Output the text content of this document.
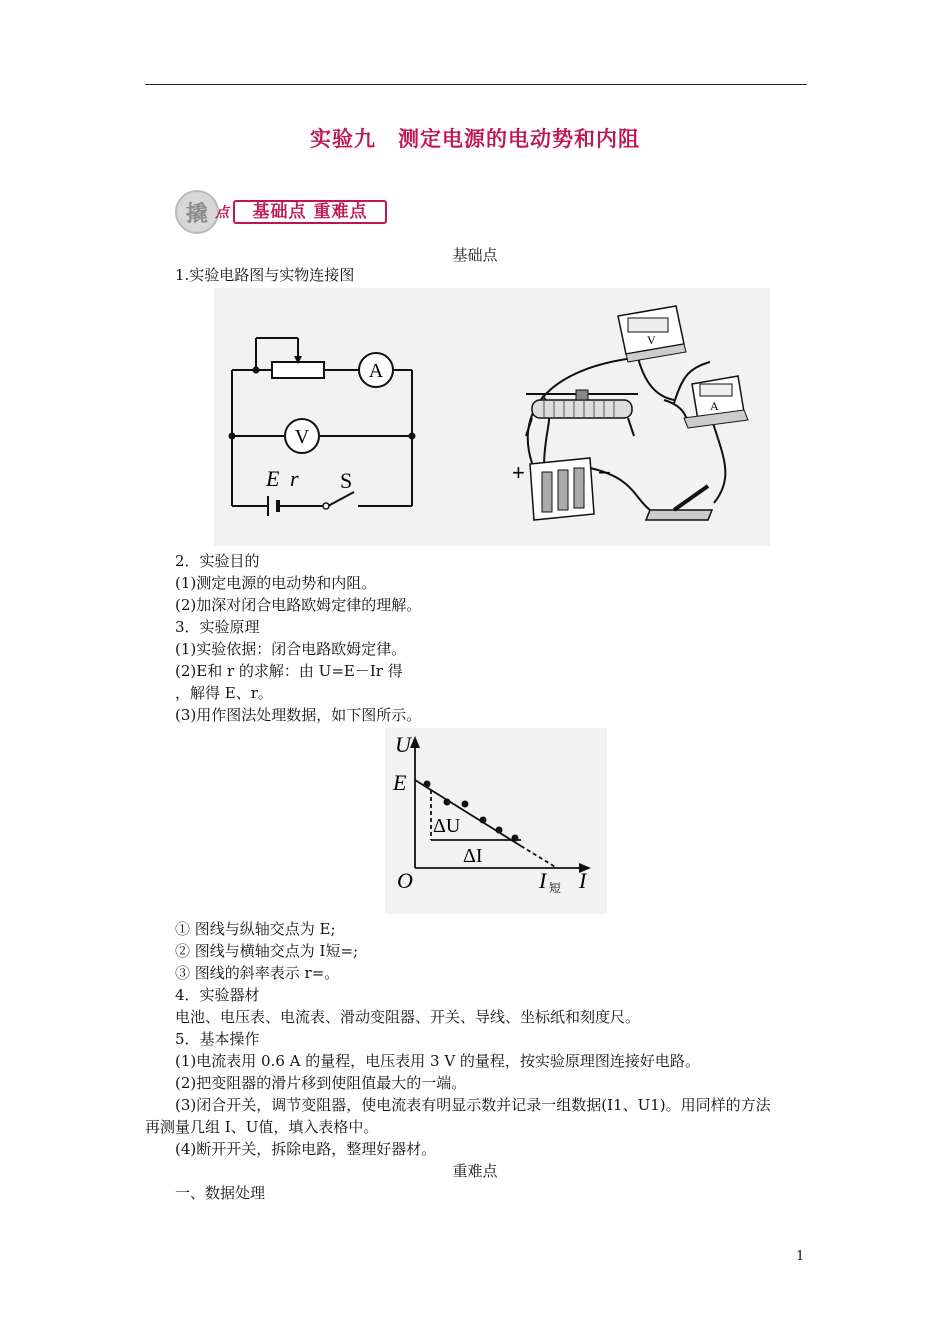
实验九　测定电源的电动势和内阻
撬 点	基础点 重难点
基础点
1.实验电路图与实物连接图
A
V
E r S
V
A
+	−
2．实验目的
(1)测定电源的电动势和内阻。
(2)加深对闭合电路欧姆定律的理解。
3．实验原理
(1)实验依据：闭合电路欧姆定律。
(2)E和 r 的求解：由 U=E－Ir 得
，解得 E、r。
(3)用作图法处理数据，如下图所示。
U
E
O
ΔU
ΔI
I 短 I
① 图线与纵轴交点为 E;
② 图线与横轴交点为 I短=;
③ 图线的斜率表示 r=。
4．实验器材
电池、电压表、电流表、滑动变阻器、开关、导线、坐标纸和刻度尺。
5．基本操作
(1)电流表用 0.6 A 的量程，电压表用 3 V 的量程，按实验原理图连接好电路。
(2)把变阻器的滑片移到使阻值最大的一端。
(3)闭合开关，调节变阻器，使电流表有明显示数并记录一组数据(I1、U1)。用同样的方法
再测量几组 I、U值，填入表格中。
(4)断开开关，拆除电路，整理好器材。
重难点
一、数据处理
1
